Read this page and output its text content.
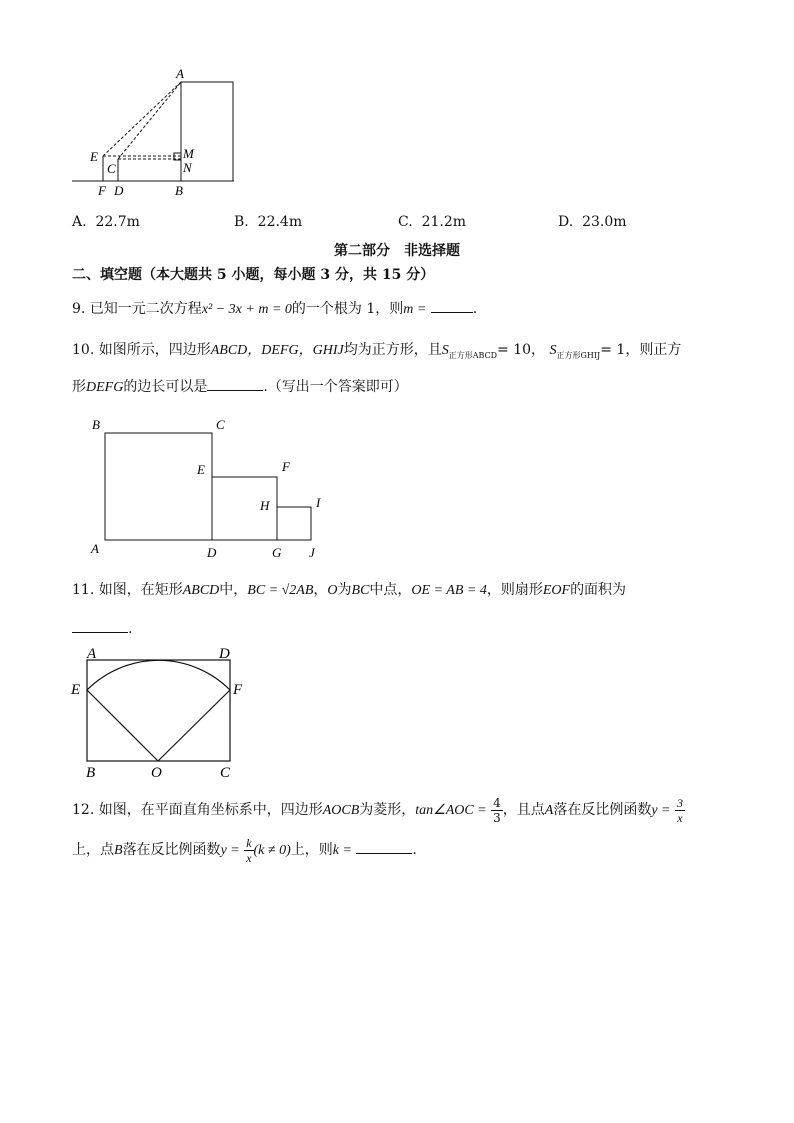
A
E
C
M
N
F D	B
A. 22.7m	B. 22.4m	C. 21.2m	D. 23.0m
第二部分　非选择题
二、填空题（本大题共 5 小题，每小题 3 分，共 15 分）
9. 已知一元二次方程x² − 3x + m = 0的一个根为 1，则m =	.
10. 如图所示，四边形ABCD，DEFG，GHIJ均为正方形，且$S_{正方形ABCD}= 10$， $S_{正方形GHIJ}= 1$，则正方
形DEFG的边长可以是	.（写出一个答案即可）
B	C
E	F
H	I
A	D	G J
11. 如图，在矩形ABCD中，BC = √2AB，O为BC中点，OE = AB = 4，则扇形EOF的面积为
.
A	D
E	F
B	O	C
12. 如图，在平面直角坐标系中，四边形AOCB为菱形，tan∠AOC = $\frac{4}{3}$ ，且点A落在反比例函数$y = \frac{3}{x}$
上，点B落在反比例函数$y = \frac{k}{x} (k \ne 0)$上，则k =	.
